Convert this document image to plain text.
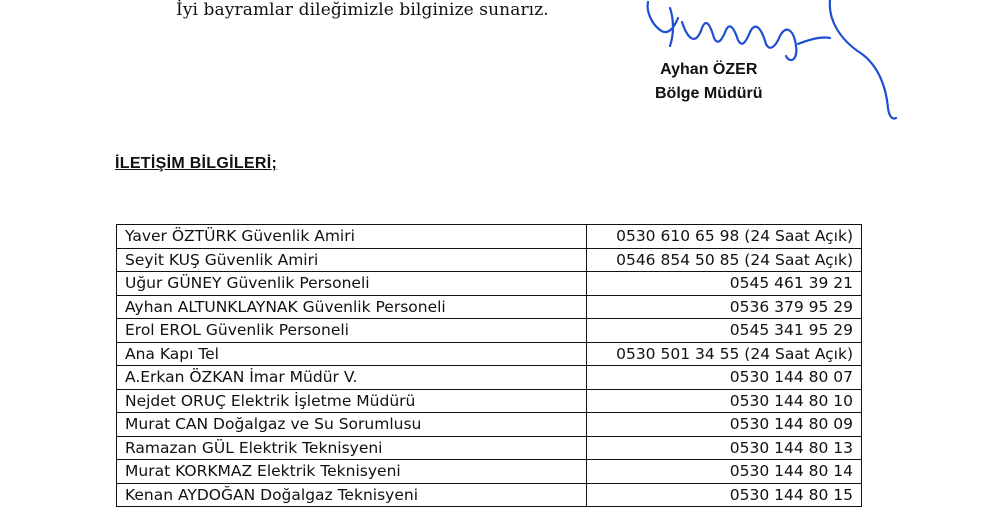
İyi bayramlar dileğimizle bilginize sunarız.
Ayhan ÖZER
Bölge Müdürü
İLETİŞİM BİLGİLERİ;
Yaver ÖZTÜRK Güvenlik Amiri	0530 610 65 98 (24 Saat Açık)
Seyit KUŞ Güvenlik Amiri	0546 854 50 85 (24 Saat Açık)
Uğur GÜNEY Güvenlik Personeli	0545 461 39 21
Ayhan ALTUNKLAYNAK Güvenlik Personeli	0536 379 95 29
Erol EROL Güvenlik Personeli	0545 341 95 29
Ana Kapı Tel	0530 501 34 55 (24 Saat Açık)
A.Erkan ÖZKAN İmar Müdür V.	0530 144 80 07
Nejdet ORUÇ Elektrik İşletme Müdürü	0530 144 80 10
Murat CAN Doğalgaz ve Su Sorumlusu	0530 144 80 09
Ramazan GÜL Elektrik Teknisyeni	0530 144 80 13
Murat KORKMAZ Elektrik Teknisyeni	0530 144 80 14
Kenan AYDOĞAN Doğalgaz Teknisyeni	0530 144 80 15
